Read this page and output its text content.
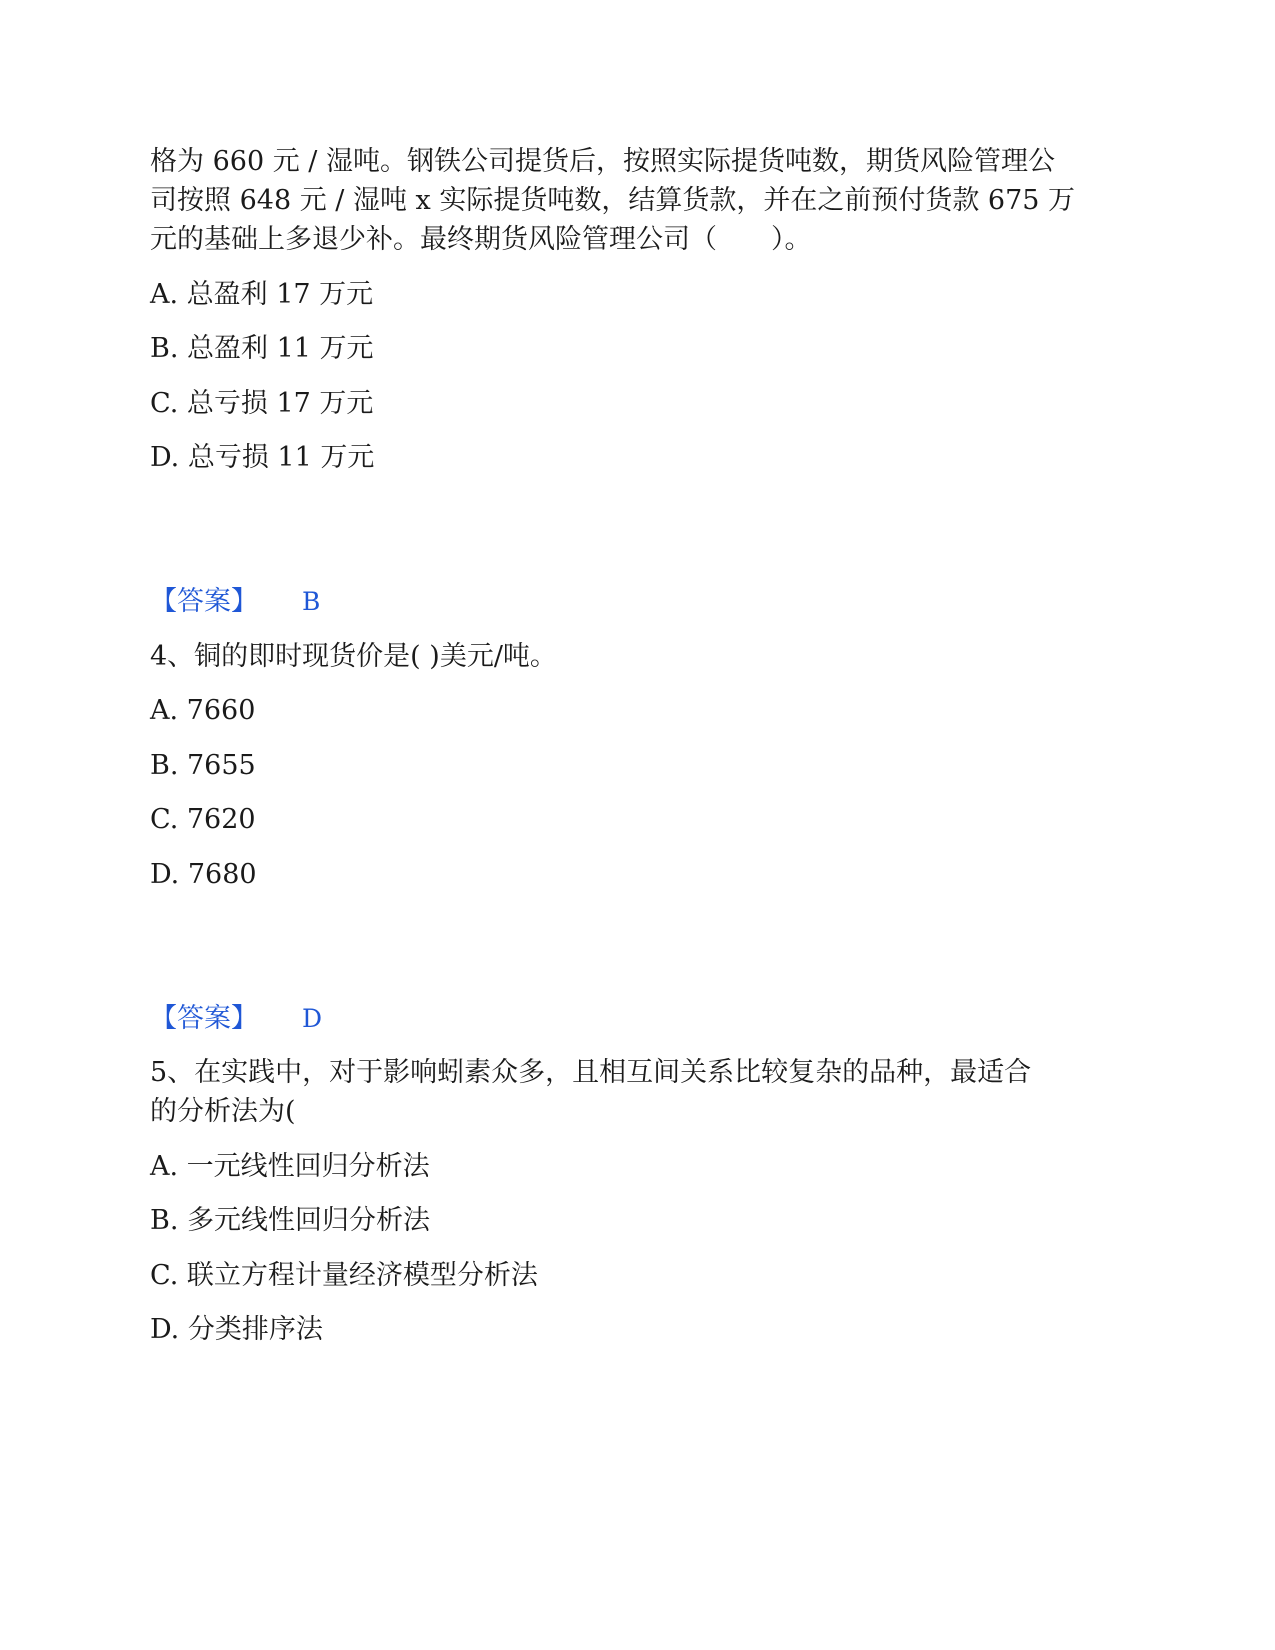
格为 660 元 / 湿吨。钢铁公司提货后，按照实际提货吨数，期货风险管理公
司按照 648 元 / 湿吨 x 实际提货吨数，结算货款，并在之前预付货款 675 万
元的基础上多退少补。最终期货风险管理公司（　　）。
A. 总盈利 17 万元
B. 总盈利 11 万元
C. 总亏损 17 万元
D. 总亏损 11 万元
【答案】 B
4、铜的即时现货价是( )美元/吨。
A. 7660
B. 7655
C. 7620
D. 7680
【答案】 D
5、在实践中，对于影响蚓素众多，且相互间关系比较复杂的品种，最适合
的分析法为(
A. 一元线性回归分析法
B. 多元线性回归分析法
C. 联立方程计量经济模型分析法
D. 分类排序法
